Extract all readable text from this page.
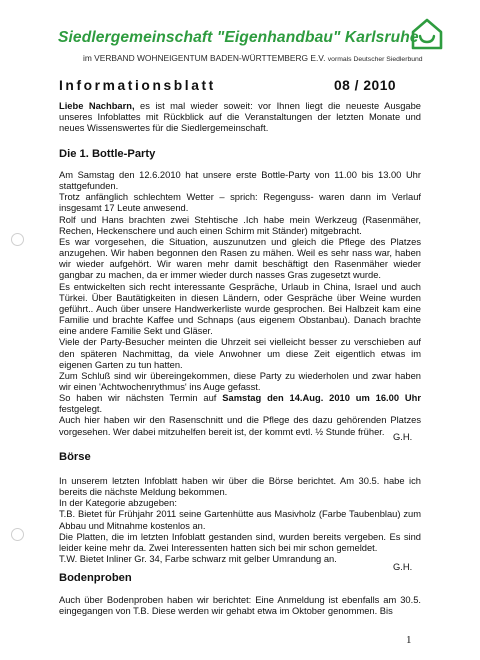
Siedlergemeinschaft "Eigenhandbau" Karlsruhe
im VERBAND WOHNEIGENTUM BADEN-WÜRTTEMBERG E.V. vormals Deutscher Siedlerbund
Informationsblatt	08 / 2010
Liebe Nachbarn, es ist mal wieder soweit: vor Ihnen liegt die neueste Ausgabe unseres Infoblattes mit Rückblick auf die Veranstaltungen der letzten Monate und neues Wissenswertes für die Siedlergemeinschaft.
Die 1. Bottle-Party

Am Samstag den 12.6.2010 hat unsere erste Bottle-Party von 11.00 bis 13.00 Uhr stattgefunden.

Trotz anfänglich schlechtem Wetter – sprich: Regenguss- waren dann im Verlauf insgesamt 17 Leute anwesend.

Rolf und Hans brachten zwei Stehtische .Ich habe mein Werkzeug (Rasenmäher, Rechen, Heckenschere und auch einen Schirm mit Ständer) mitgebracht.

Es war vorgesehen, die Situation, auszunutzen und gleich die Pflege des Platzes anzugehen. Wir haben begonnen den Rasen zu mähen. Weil es sehr nass war, haben wir wieder aufgehört. Wir waren mehr damit beschäftigt den Rasenmäher wieder gangbar zu machen, da er immer wieder durch nasses Gras zugesetzt wurde.

Es entwickelten sich recht interessante Gespräche, Urlaub in China, Israel und auch Türkei. Über Bautätigkeiten in diesen Ländern, oder Gespräche über Weine wurden geführt.. Auch über unsere Handwerkerliste wurde gesprochen. Bei Halbzeit kam eine Familie und brachte Kaffee und Schnaps (aus eigenem Obstanbau). Danach brachte eine andere Familie Sekt und Gläser.

Viele der Party-Besucher meinten die Uhrzeit sei vielleicht besser zu verschieben auf den späteren Nachmittag, da viele Anwohner um diese Zeit eigentlich etwas im eigenen Garten zu tun hatten.

Zum Schluß sind wir übereingekommen, diese Party zu wiederholen und zwar haben wir einen 'Achtwochenrythmus' ins Auge gefasst.

So haben wir nächsten Termin auf Samstag den 14.Aug. 2010 um 16.00 Uhr festgelegt.

Auch hier haben wir den Rasenschnitt und die Pflege des dazu gehörenden Platzes vorgesehen. Wer dabei mitzuhelfen bereit ist, der kommt evtl. ½ Stunde früher.

G.H.
Börse

In unserem letzten Infoblatt haben wir über die Börse berichtet. Am 30.5. habe ich bereits die nächste Meldung bekommen.

In der Kategorie abzugeben:

T.B. Bietet für Frühjahr 2011 seine Gartenhütte aus Masivholz (Farbe Taubenblau) zum Abbau und Mitnahme kostenlos an.

Die Platten, die im letzten Infoblatt gestanden sind, wurden bereits vergeben. Es sind leider keine mehr da. Zwei Interessenten hatten sich bei mir schon gemeldet.

T.W. Bietet Inliner Gr. 34, Farbe schwarz mit gelber Umrandung an.

G.H.
Bodenproben

Auch über Bodenproben haben wir berichtet: Eine Anmeldung ist ebenfalls am 30.5. eingegangen von T.B. Diese werden wir gehabt etwa im Oktober genommen. Bis

1
